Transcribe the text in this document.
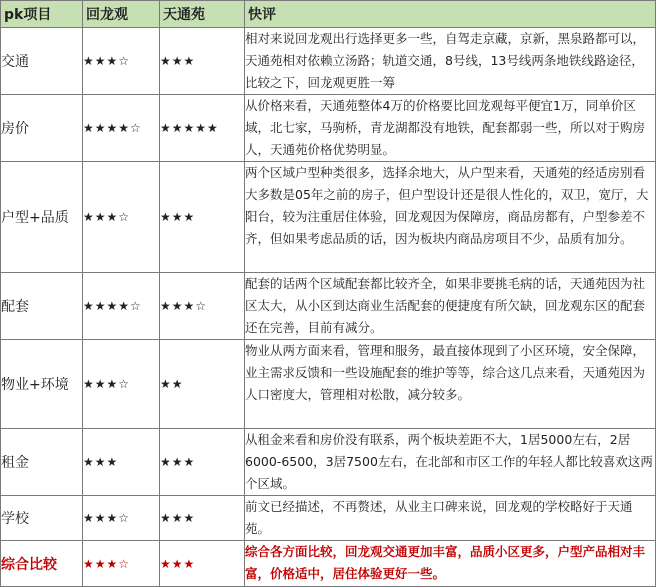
pk项目	回龙观	天通苑	快评
交通	★★★☆	★★★	相对来说回龙观出行选择更多一些，自驾走京藏，京新，黑泉路都可以，天通苑相对依赖立汤路；轨道交通，8号线，13号线两条地铁线路途径，比较之下，回龙观更胜一筹
房价	★★★★☆	★★★★★	从价格来看，天通苑整体4万的价格要比回龙观每平便宜1万，同单价区域，北七家，马驹桥，青龙湖都没有地铁，配套都弱一些，所以对于购房人，天通苑价格优势明显。
户型+品质	★★★☆	★★★	两个区域户型种类很多，选择余地大，从户型来看，天通苑的经适房别看大多数是05年之前的房子，但户型设计还是很人性化的，双卫，宽厅，大阳台，较为注重居住体验，回龙观因为保障房，商品房都有，户型参差不齐，但如果考虑品质的话，因为板块内商品房项目不少，品质有加分。
配套	★★★★☆	★★★☆	配套的话两个区域配套都比较齐全，如果非要挑毛病的话，天通苑因为社区太大，从小区到达商业生活配套的便捷度有所欠缺，回龙观东区的配套还在完善，目前有减分。
物业+环境	★★★☆	★★	物业从两方面来看，管理和服务，最直接体现到了小区环境，安全保障，业主需求反馈和一些设施配套的维护等等，综合这几点来看，天通苑因为人口密度大，管理相对松散，减分较多。
租金	★★★	★★★	从租金来看和房价没有联系，两个板块差距不大，1居5000左右，2居6000-6500，3居7500左右，在北部和市区工作的年轻人都比较喜欢这两个区域。
学校	★★★☆	★★★	前文已经描述，不再赘述，从业主口碑来说，回龙观的学校略好于天通苑。
综合比较	★★★☆	★★★	综合各方面比较，回龙观交通更加丰富，品质小区更多，户型产品相对丰富，价格适中，居住体验更好一些。
